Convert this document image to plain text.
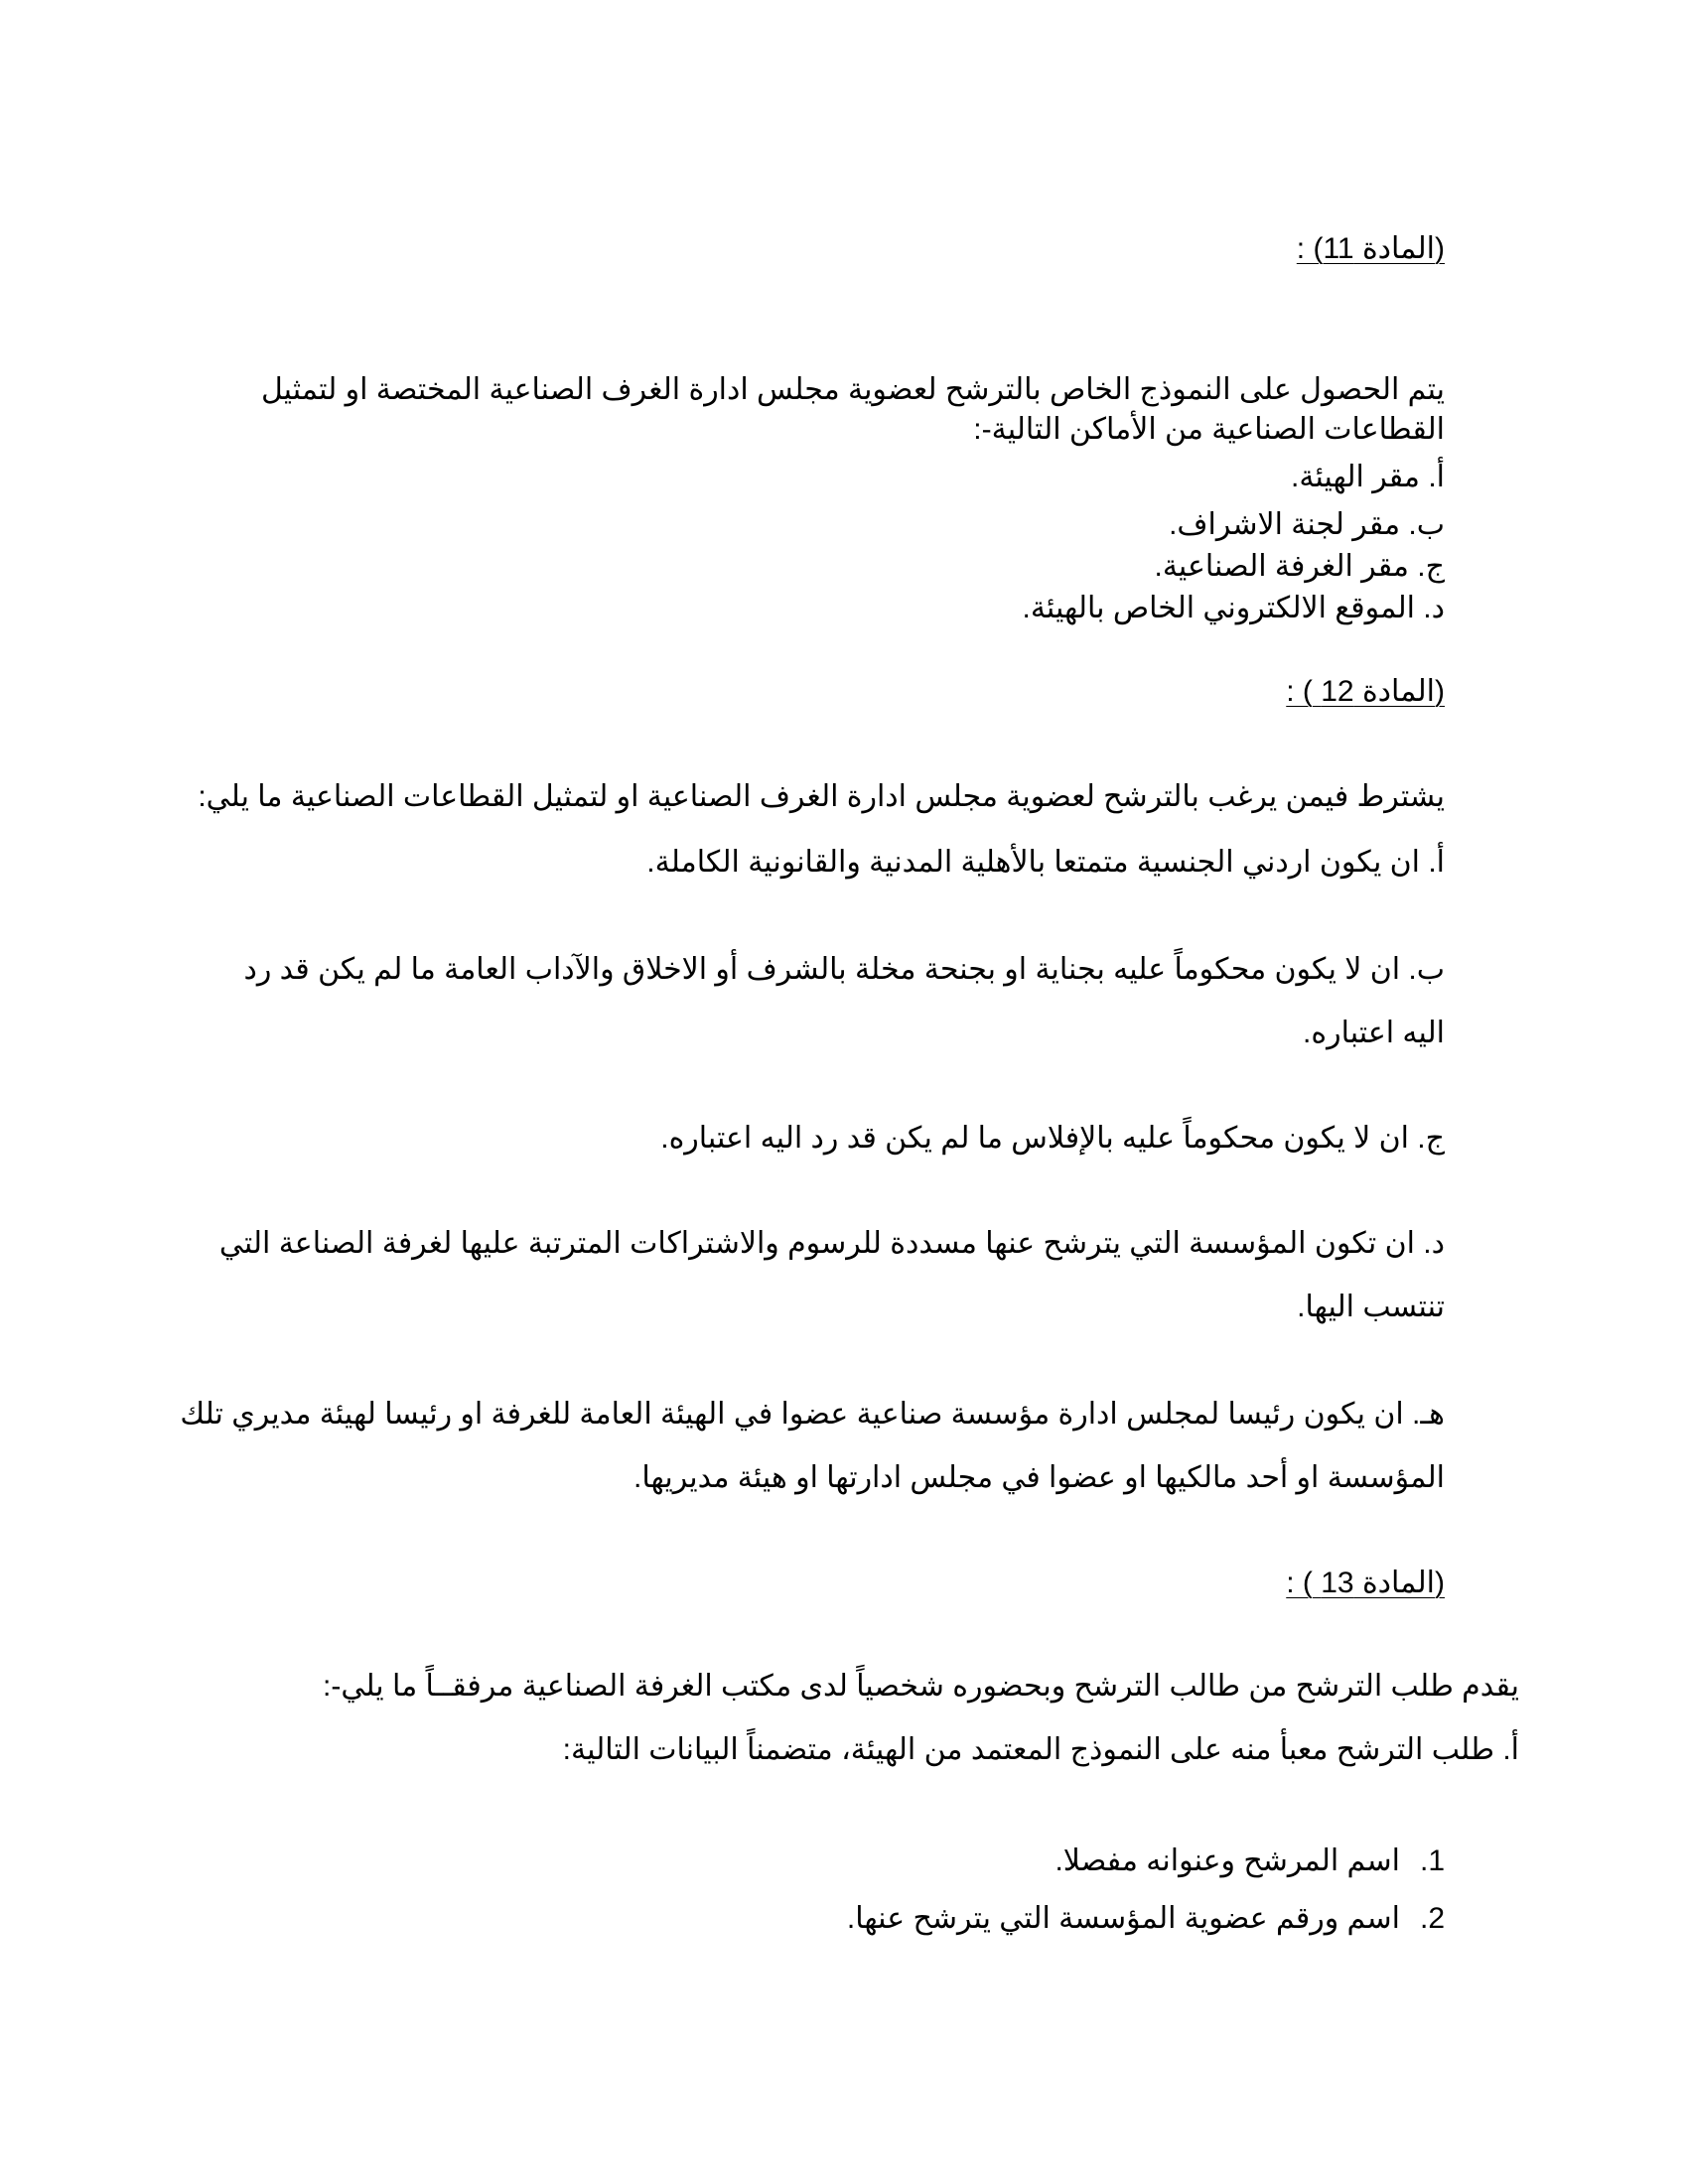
(المادة 11) :
يتم الحصول على النموذج الخاص بالترشح لعضوية مجلس ادارة الغرف الصناعية المختصة او لتمثيل
القطاعات الصناعية من الأماكن التالية-:
أ. مقر الهيئة.
ب. مقر لجنة الاشراف.
ج. مقر الغرفة الصناعية.
د. الموقع الالكتروني الخاص بالهيئة.
(المادة 12 ) :
يشترط فيمن يرغب بالترشح لعضوية مجلس ادارة الغرف الصناعية او لتمثيل القطاعات الصناعية ما يلي:
أ. ان يكون اردني الجنسية متمتعا بالأهلية المدنية والقانونية الكاملة.
ب. ان لا يكون محكوماً عليه بجناية او بجنحة مخلة بالشرف أو الاخلاق والآداب العامة ما لم يكن قد رد
اليه اعتباره.
ج. ان لا يكون محكوماً عليه بالإفلاس ما لم يكن قد رد اليه اعتباره.
د. ان تكون المؤسسة التي يترشح عنها مسددة للرسوم والاشتراكات المترتبة عليها لغرفة الصناعة التي
تنتسب اليها.
هـ. ان يكون رئيسا لمجلس ادارة مؤسسة صناعية عضوا في الهيئة العامة للغرفة او رئيسا لهيئة مديري تلك
المؤسسة او أحد مالكيها او عضوا في مجلس ادارتها او هيئة مديريها.
(المادة 13 ) :
يقدم طلب الترشح من طالب الترشح وبحضوره شخصياً لدى مكتب الغرفة الصناعية مرفقــاً ما يلي-:
أ. طلب الترشح معبأ منه على النموذج المعتمد من الهيئة، متضمناً البيانات التالية:
1.
اسم المرشح وعنوانه مفصلا.
2.
اسم ورقم عضوية المؤسسة التي يترشح عنها.
